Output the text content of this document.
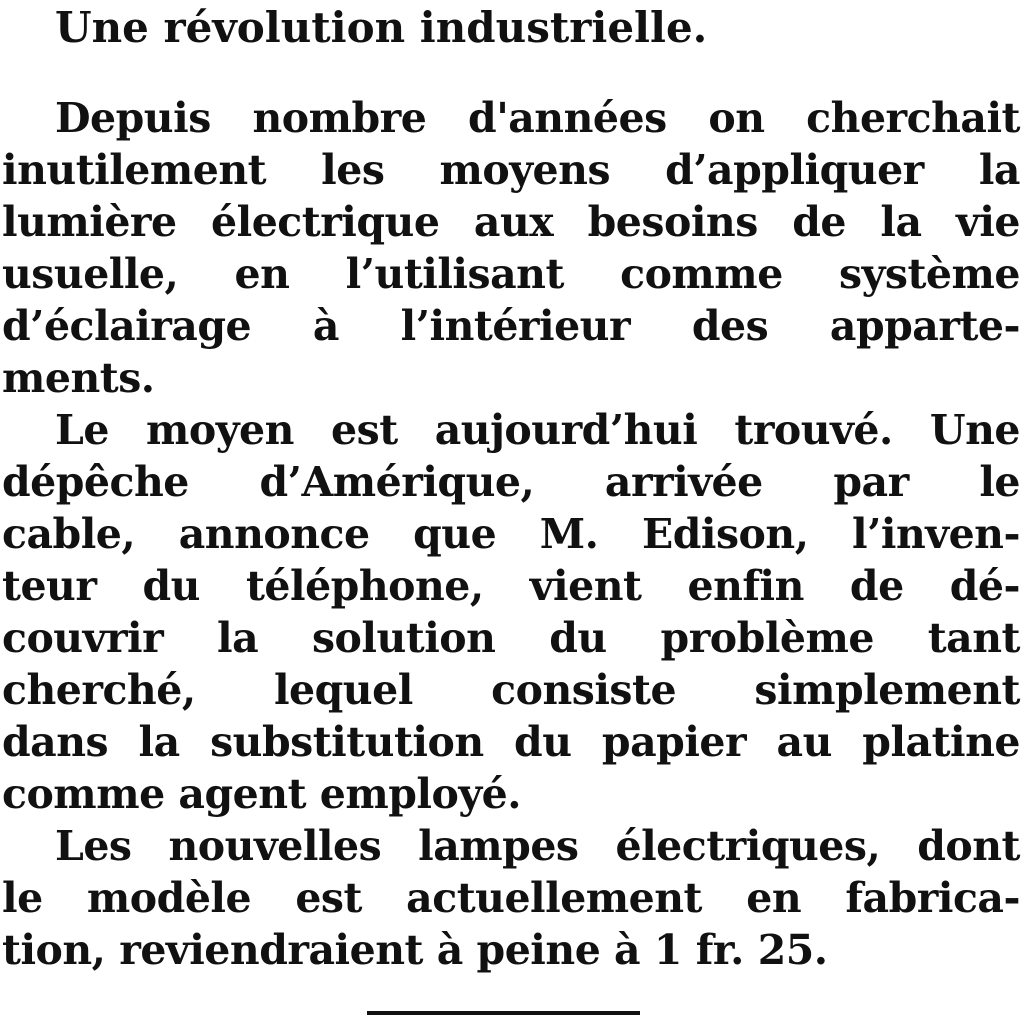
Une révolution industrielle.
Depuis nombre d'années on cherchait
inutilement les moyens d’appliquer la
lumière électrique aux besoins de la vie
usuelle, en l’utilisant comme système
d’éclairage à l’intérieur des apparte-
ments.
Le moyen est aujourd’hui trouvé. Une
dépêche d’Amérique, arrivée par le
cable, annonce que M. Edison, l’inven-
teur du téléphone, vient enfin de dé-
couvrir la solution du problème tant
cherché, lequel consiste simplement
dans la substitution du papier au platine
comme agent employé.
Les nouvelles lampes électriques, dont
le modèle est actuellement en fabrica-
tion, reviendraient à peine à 1 fr. 25.
